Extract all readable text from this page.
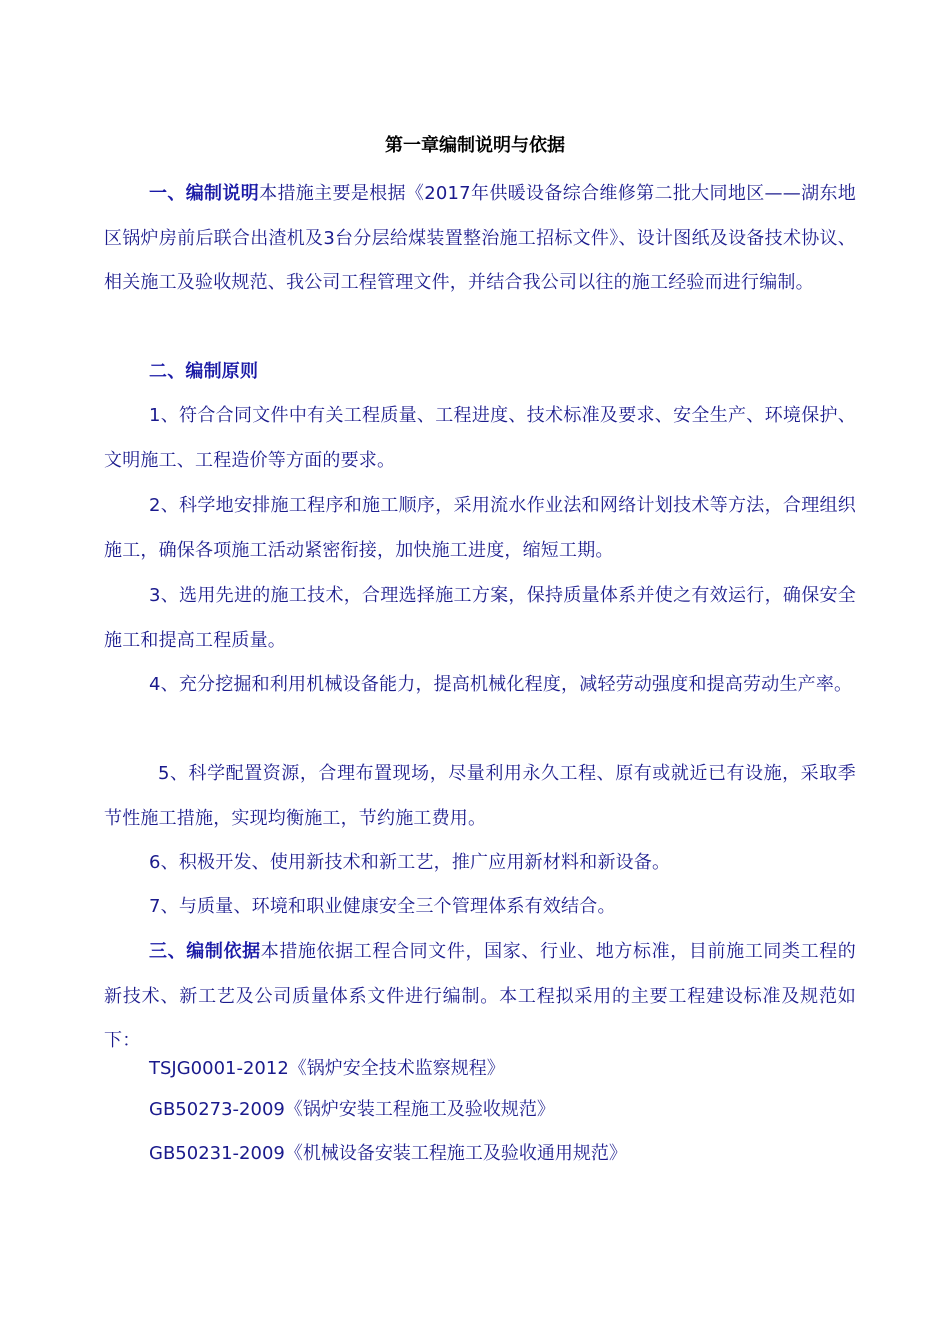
第一章编制说明与依据
一、编制说明本措施主要是根据《2017年供暖设备综合维修第二批大同地区——湖东地区锅炉房前后联合出渣机及3台分层给煤装置整治施工招标文件》、设计图纸及设备技术协议、相关施工及验收规范、我公司工程管理文件，并结合我公司以往的施工经验而进行编制。
二、编制原则
1、符合合同文件中有关工程质量、工程进度、技术标准及要求、安全生产、环境保护、文明施工、工程造价等方面的要求。
2、科学地安排施工程序和施工顺序，采用流水作业法和网络计划技术等方法，合理组织施工，确保各项施工活动紧密衔接，加快施工进度，缩短工期。
3、选用先进的施工技术，合理选择施工方案，保持质量体系并使之有效运行，确保安全施工和提高工程质量。
4、充分挖掘和利用机械设备能力，提高机械化程度，减轻劳动强度和提高劳动生产率。
5、科学配置资源，合理布置现场，尽量利用永久工程、原有或就近已有设施，采取季节性施工措施，实现均衡施工，节约施工费用。
6、积极开发、使用新技术和新工艺，推广应用新材料和新设备。
7、与质量、环境和职业健康安全三个管理体系有效结合。
三、编制依据本措施依据工程合同文件，国家、行业、地方标准，目前施工同类工程的新技术、新工艺及公司质量体系文件进行编制。本工程拟采用的主要工程建设标准及规范如下：
TSJG0001-2012《锅炉安全技术监察规程》
GB50273-2009《锅炉安装工程施工及验收规范》
GB50231-2009《机械设备安装工程施工及验收通用规范》
